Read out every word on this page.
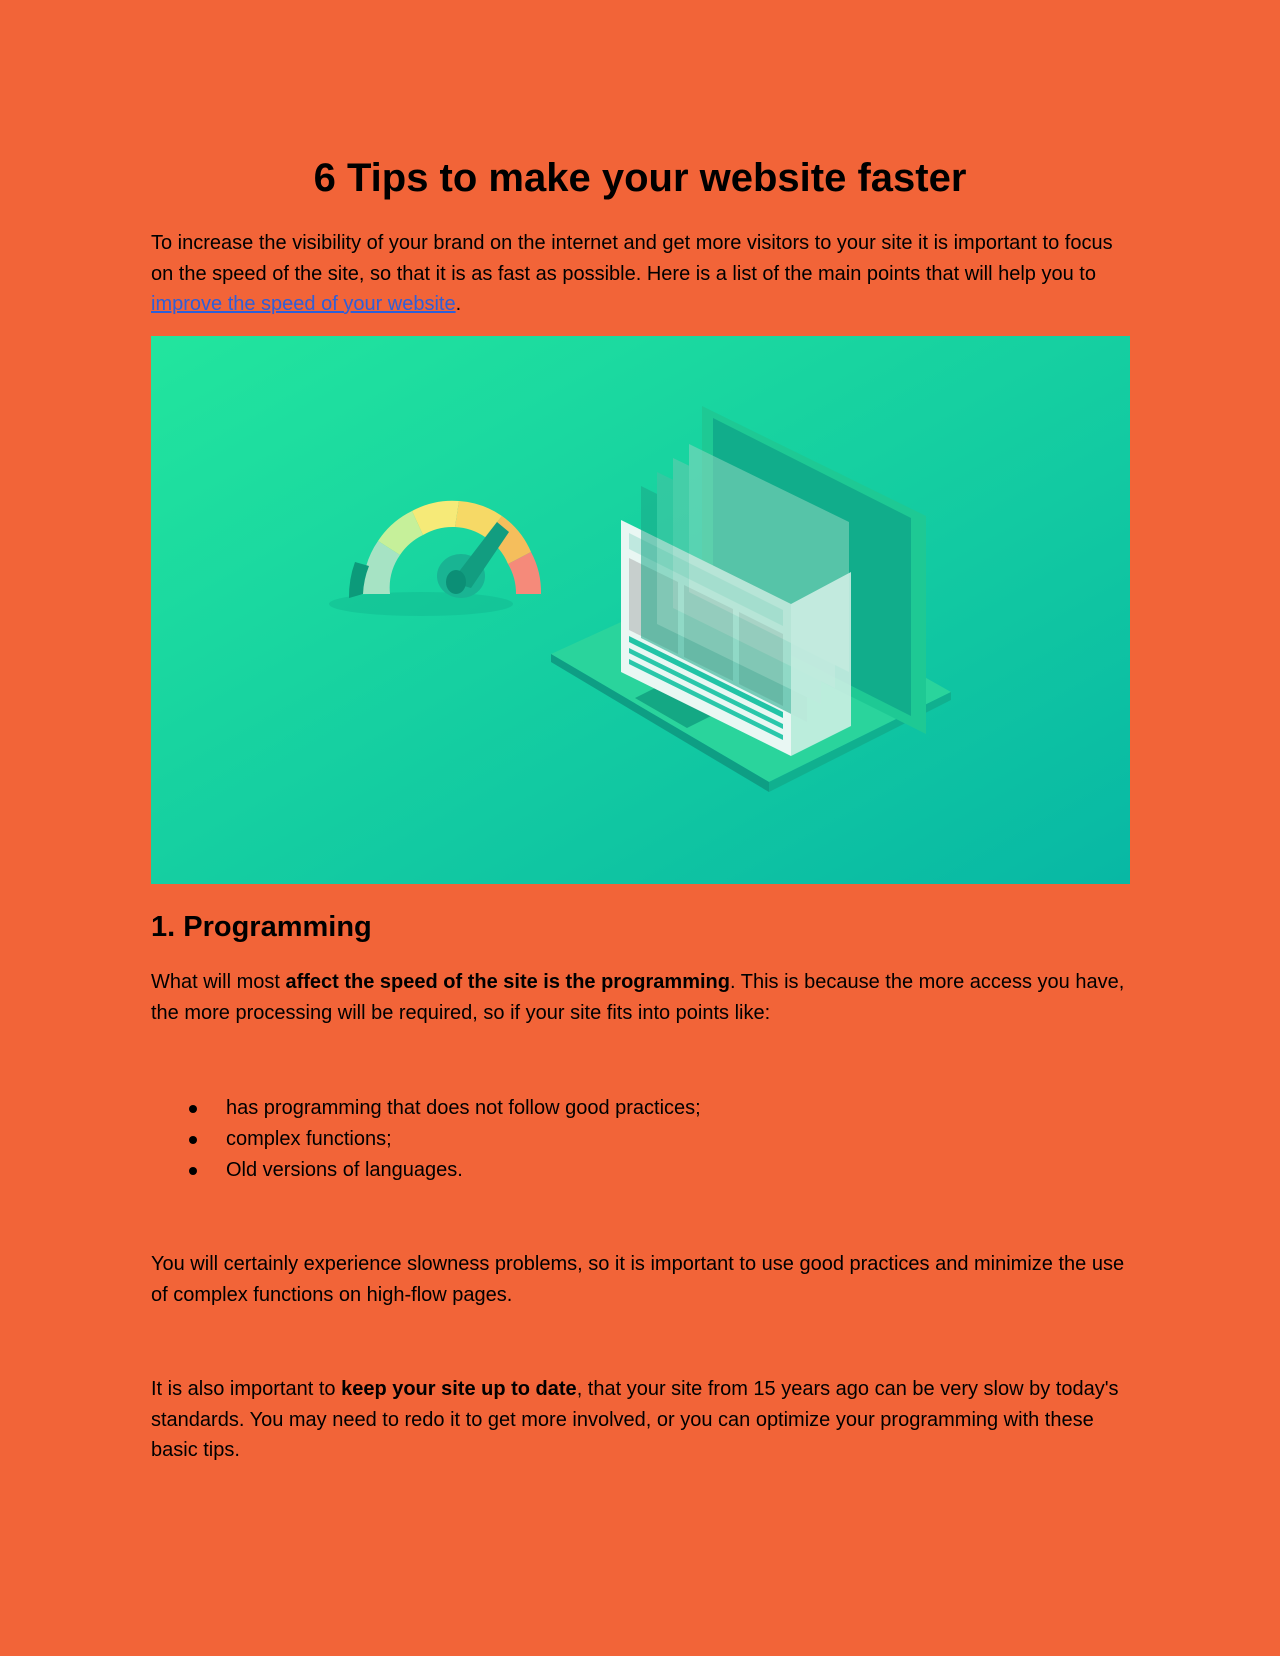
6 Tips to make your website faster

To increase the visibility of your brand on the internet and get more visitors to your site it is important to focus on the speed of the site, so that it is as fast as possible. Here is a list of the main points that will help you to improve the speed of your website.

1. Programming

What will most affect the speed of the site is the programming. This is because the more access you have, the more processing will be required, so if your site fits into points like:

has programming that does not follow good practices;
complex functions;
Old versions of languages.

You will certainly experience slowness problems, so it is important to use good practices and minimize the use of complex functions on high-flow pages.

It is also important to keep your site up to date, that your site from 15 years ago can be very slow by today's standards. You may need to redo it to get more involved, or you can optimize your programming with these basic tips.
